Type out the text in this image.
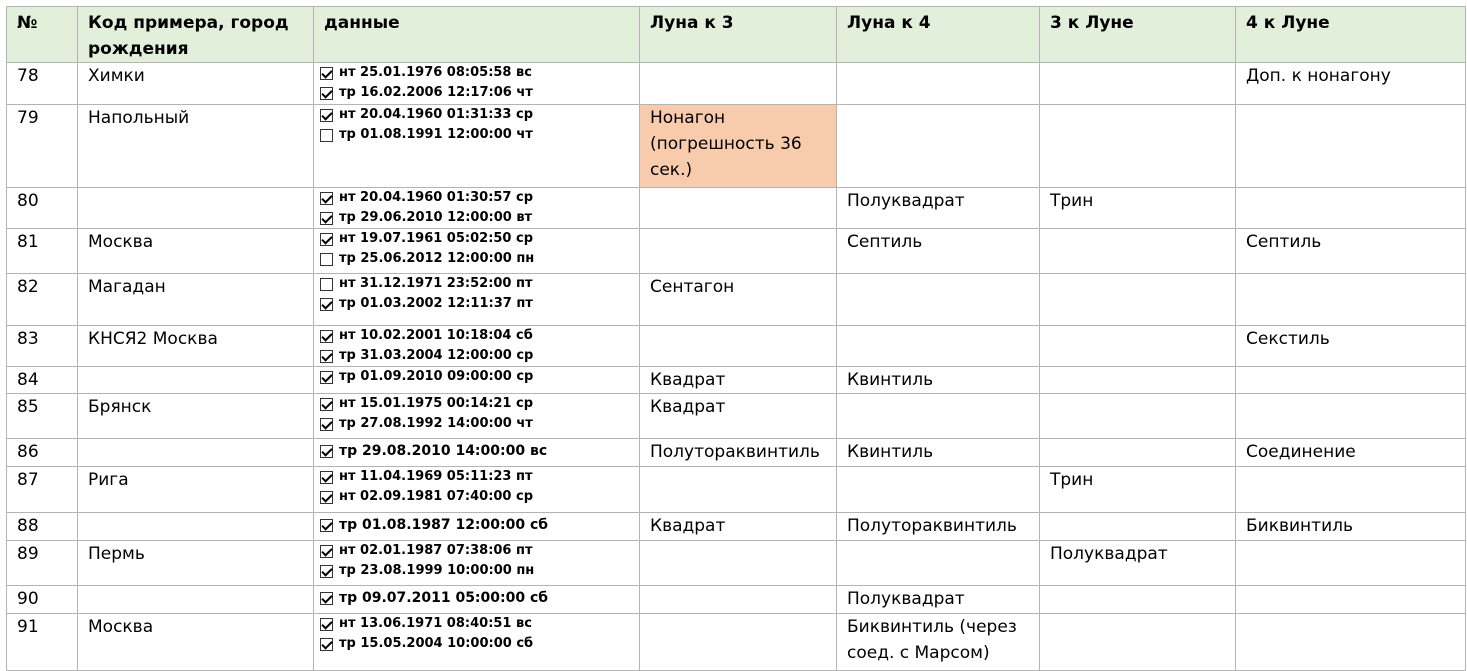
№	Код примера, город рождения	данные	Луна к 3	Луна к 4	3 к Луне	4 к Луне
78	Химки	нт 25.01.1976 08:05:58 вс
тр 16.02.2006 12:17:06 чт				Доп. к нонагону
79	Напольный	нт 20.04.1960 01:31:33 ср
тр 01.08.1991 12:00:00 чт	Нонагон (погрешность 36 сек.)			
80		нт 20.04.1960 01:30:57 ср
тр 29.06.2010 12:00:00 вт		Полуквадрат	Трин	
81	Москва	нт 19.07.1961 05:02:50 ср
тр 25.06.2012 12:00:00 пн		Септиль		Септиль
82	Магадан	нт 31.12.1971 23:52:00 пт
тр 01.03.2002 12:11:37 пт	Сентагон			
83	КНСЯ2 Москва	нт 10.02.2001 10:18:04 сб
тр 31.03.2004 12:00:00 ср				Секстиль
84		тр 01.09.2010 09:00:00 ср	Квадрат	Квинтиль		
85	Брянск	нт 15.01.1975 00:14:21 ср
тр 27.08.1992 14:00:00 чт	Квадрат			
86		тр 29.08.2010 14:00:00 вс	Полутораквинтиль	Квинтиль		Соединение
87	Рига	нт 11.04.1969 05:11:23 пт
нт 02.09.1981 07:40:00 ср			Трин	
88		тр 01.08.1987 12:00:00 сб	Квадрат	Полутораквинтиль		Биквинтиль
89	Пермь	нт 02.01.1987 07:38:06 пт
тр 23.08.1999 10:00:00 пн			Полуквадрат	
90		тр 09.07.2011 05:00:00 сб		Полуквадрат		
91	Москва	нт 13.06.1971 08:40:51 вс
тр 15.05.2004 10:00:00 сб		Биквинтиль (через соед. с Марсом)		
